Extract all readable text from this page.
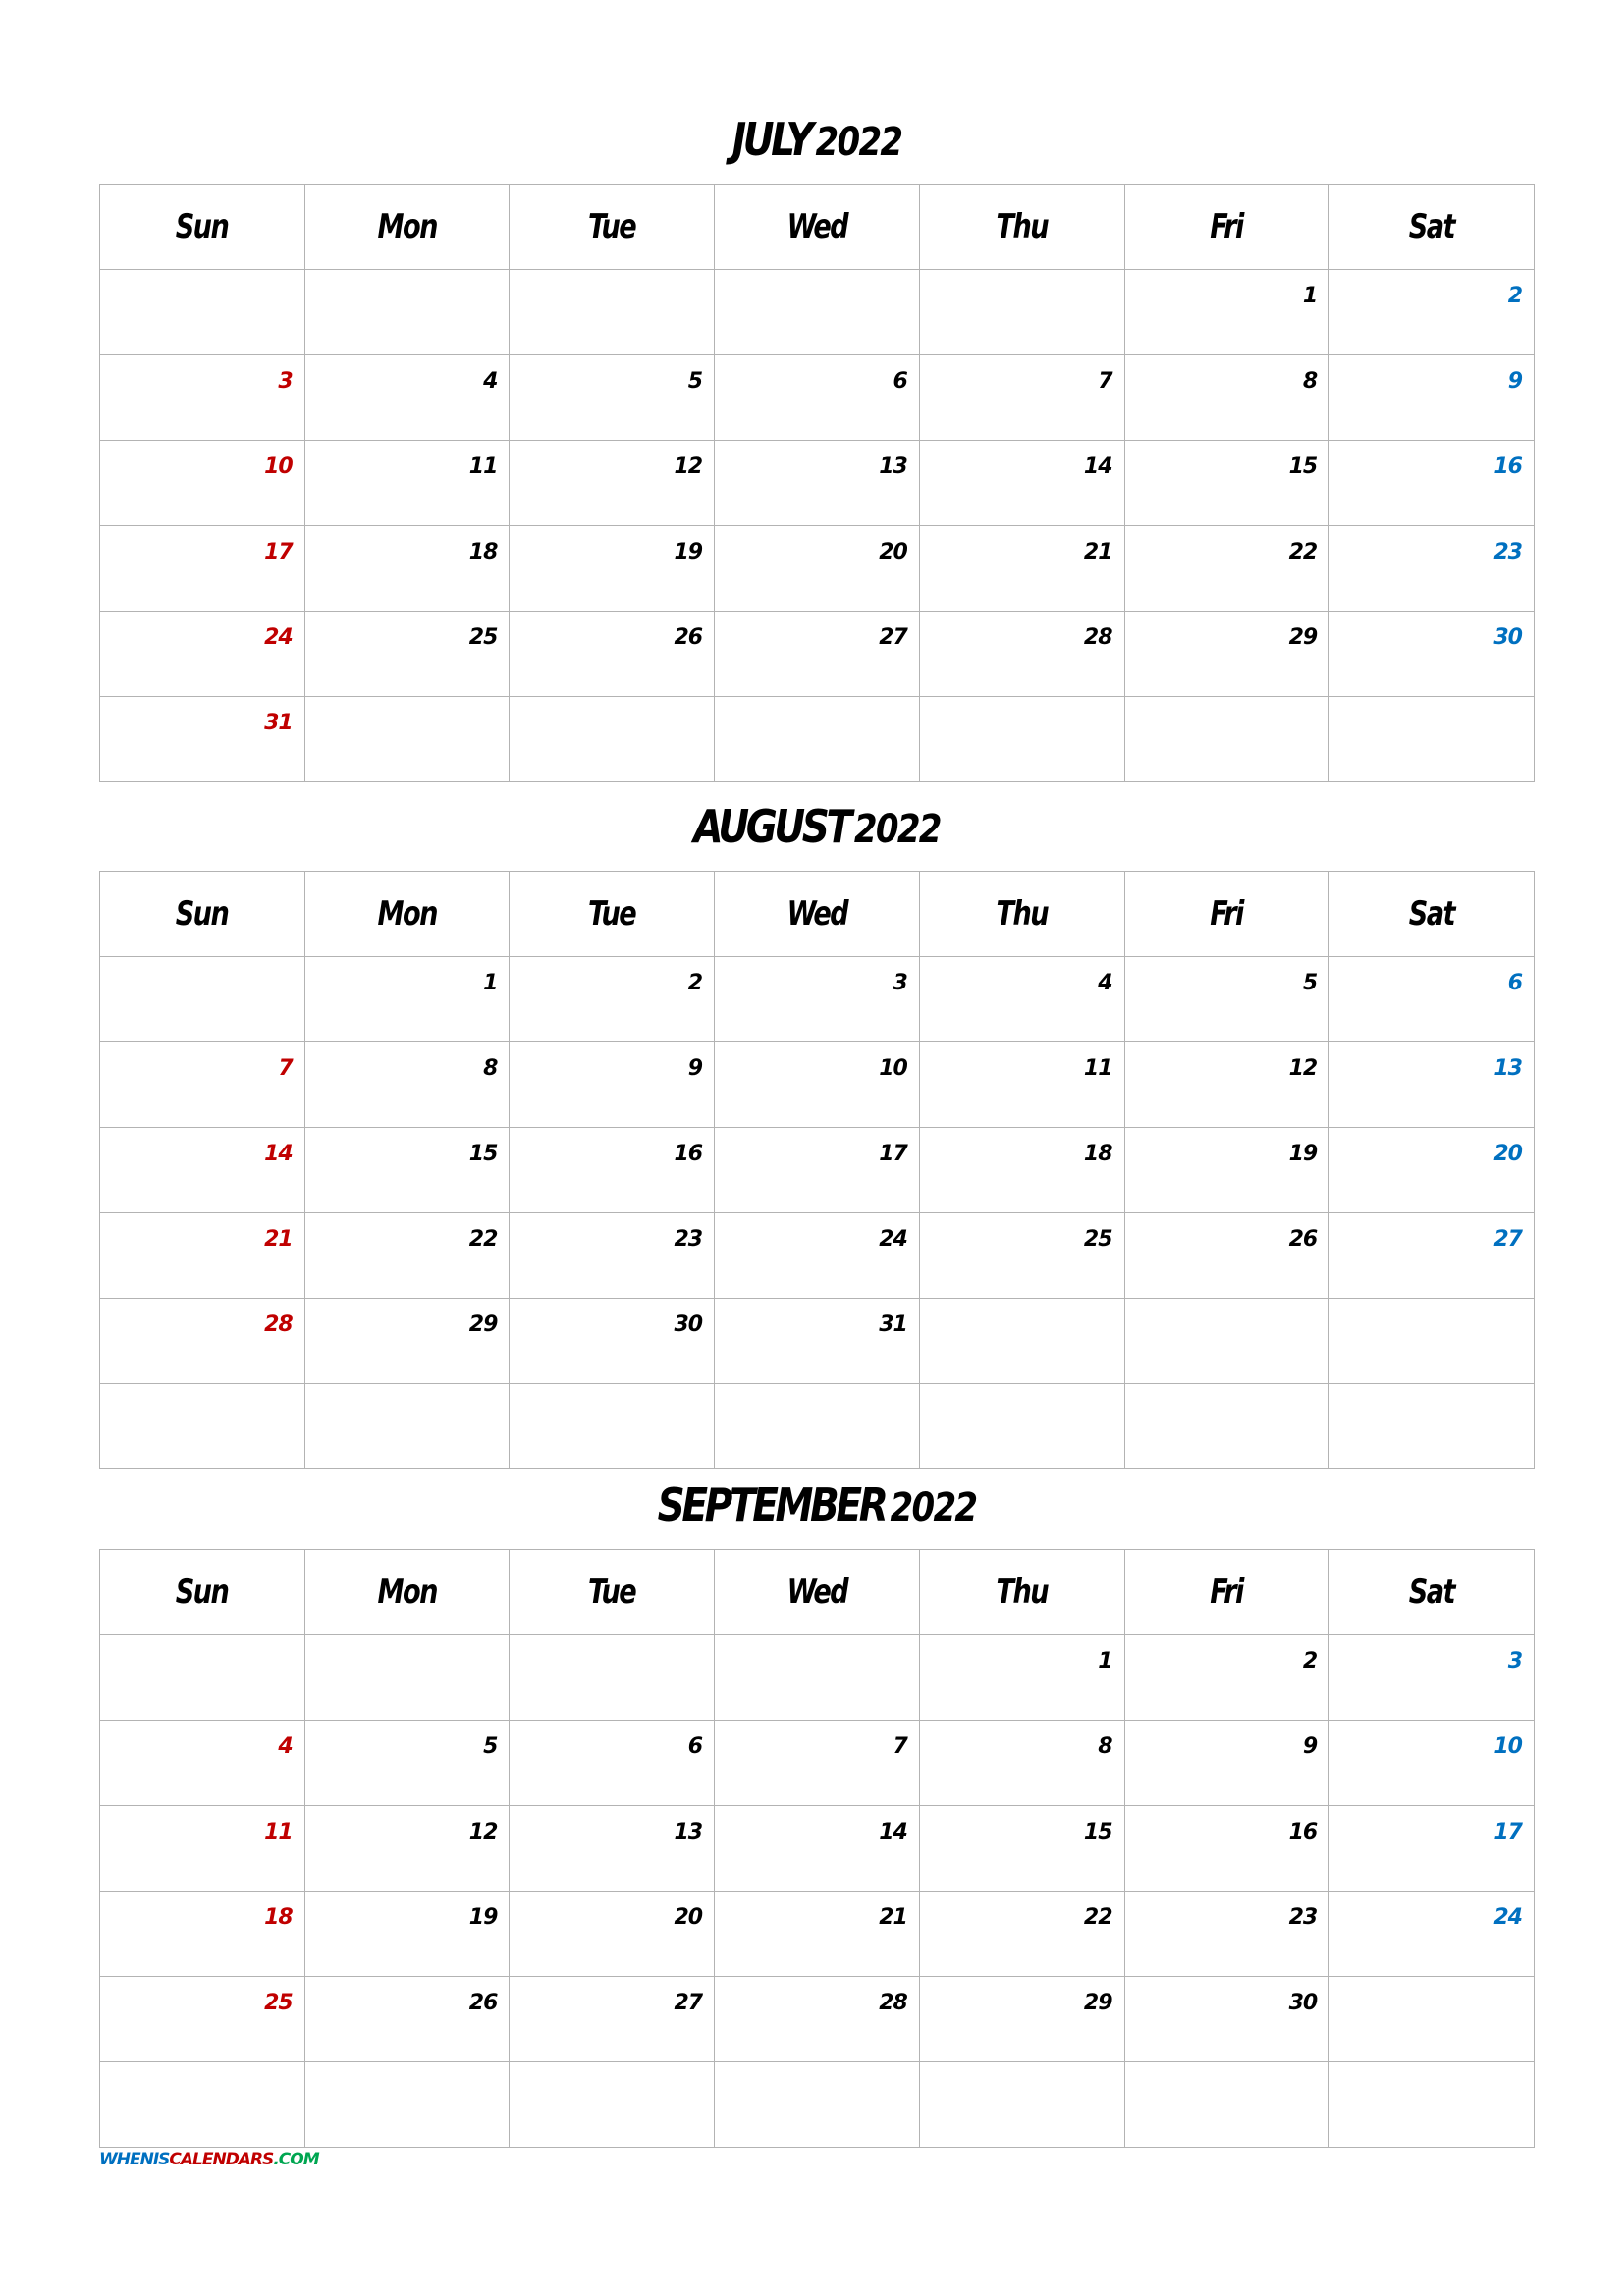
JULY 2022
Sun	Mon	Tue	Wed	Thu	Fri	Sat

					1	2

3	4	5	6	7	8	9

10	11	12	13	14	15	16

17	18	19	20	21	22	23

24	25	26	27	28	29	30

31						

AUGUST 2022
Sun	Mon	Tue	Wed	Thu	Fri	Sat

	1	2	3	4	5	6

7	8	9	10	11	12	13

14	15	16	17	18	19	20

21	22	23	24	25	26	27

28	29	30	31			

SEPTEMBER 2022
Sun	Mon	Tue	Wed	Thu	Fri	Sat

				1	2	3

4	5	6	7	8	9	10

11	12	13	14	15	16	17

18	19	20	21	22	23	24

25	26	27	28	29	30	

WHENISCALENDARS.COM
